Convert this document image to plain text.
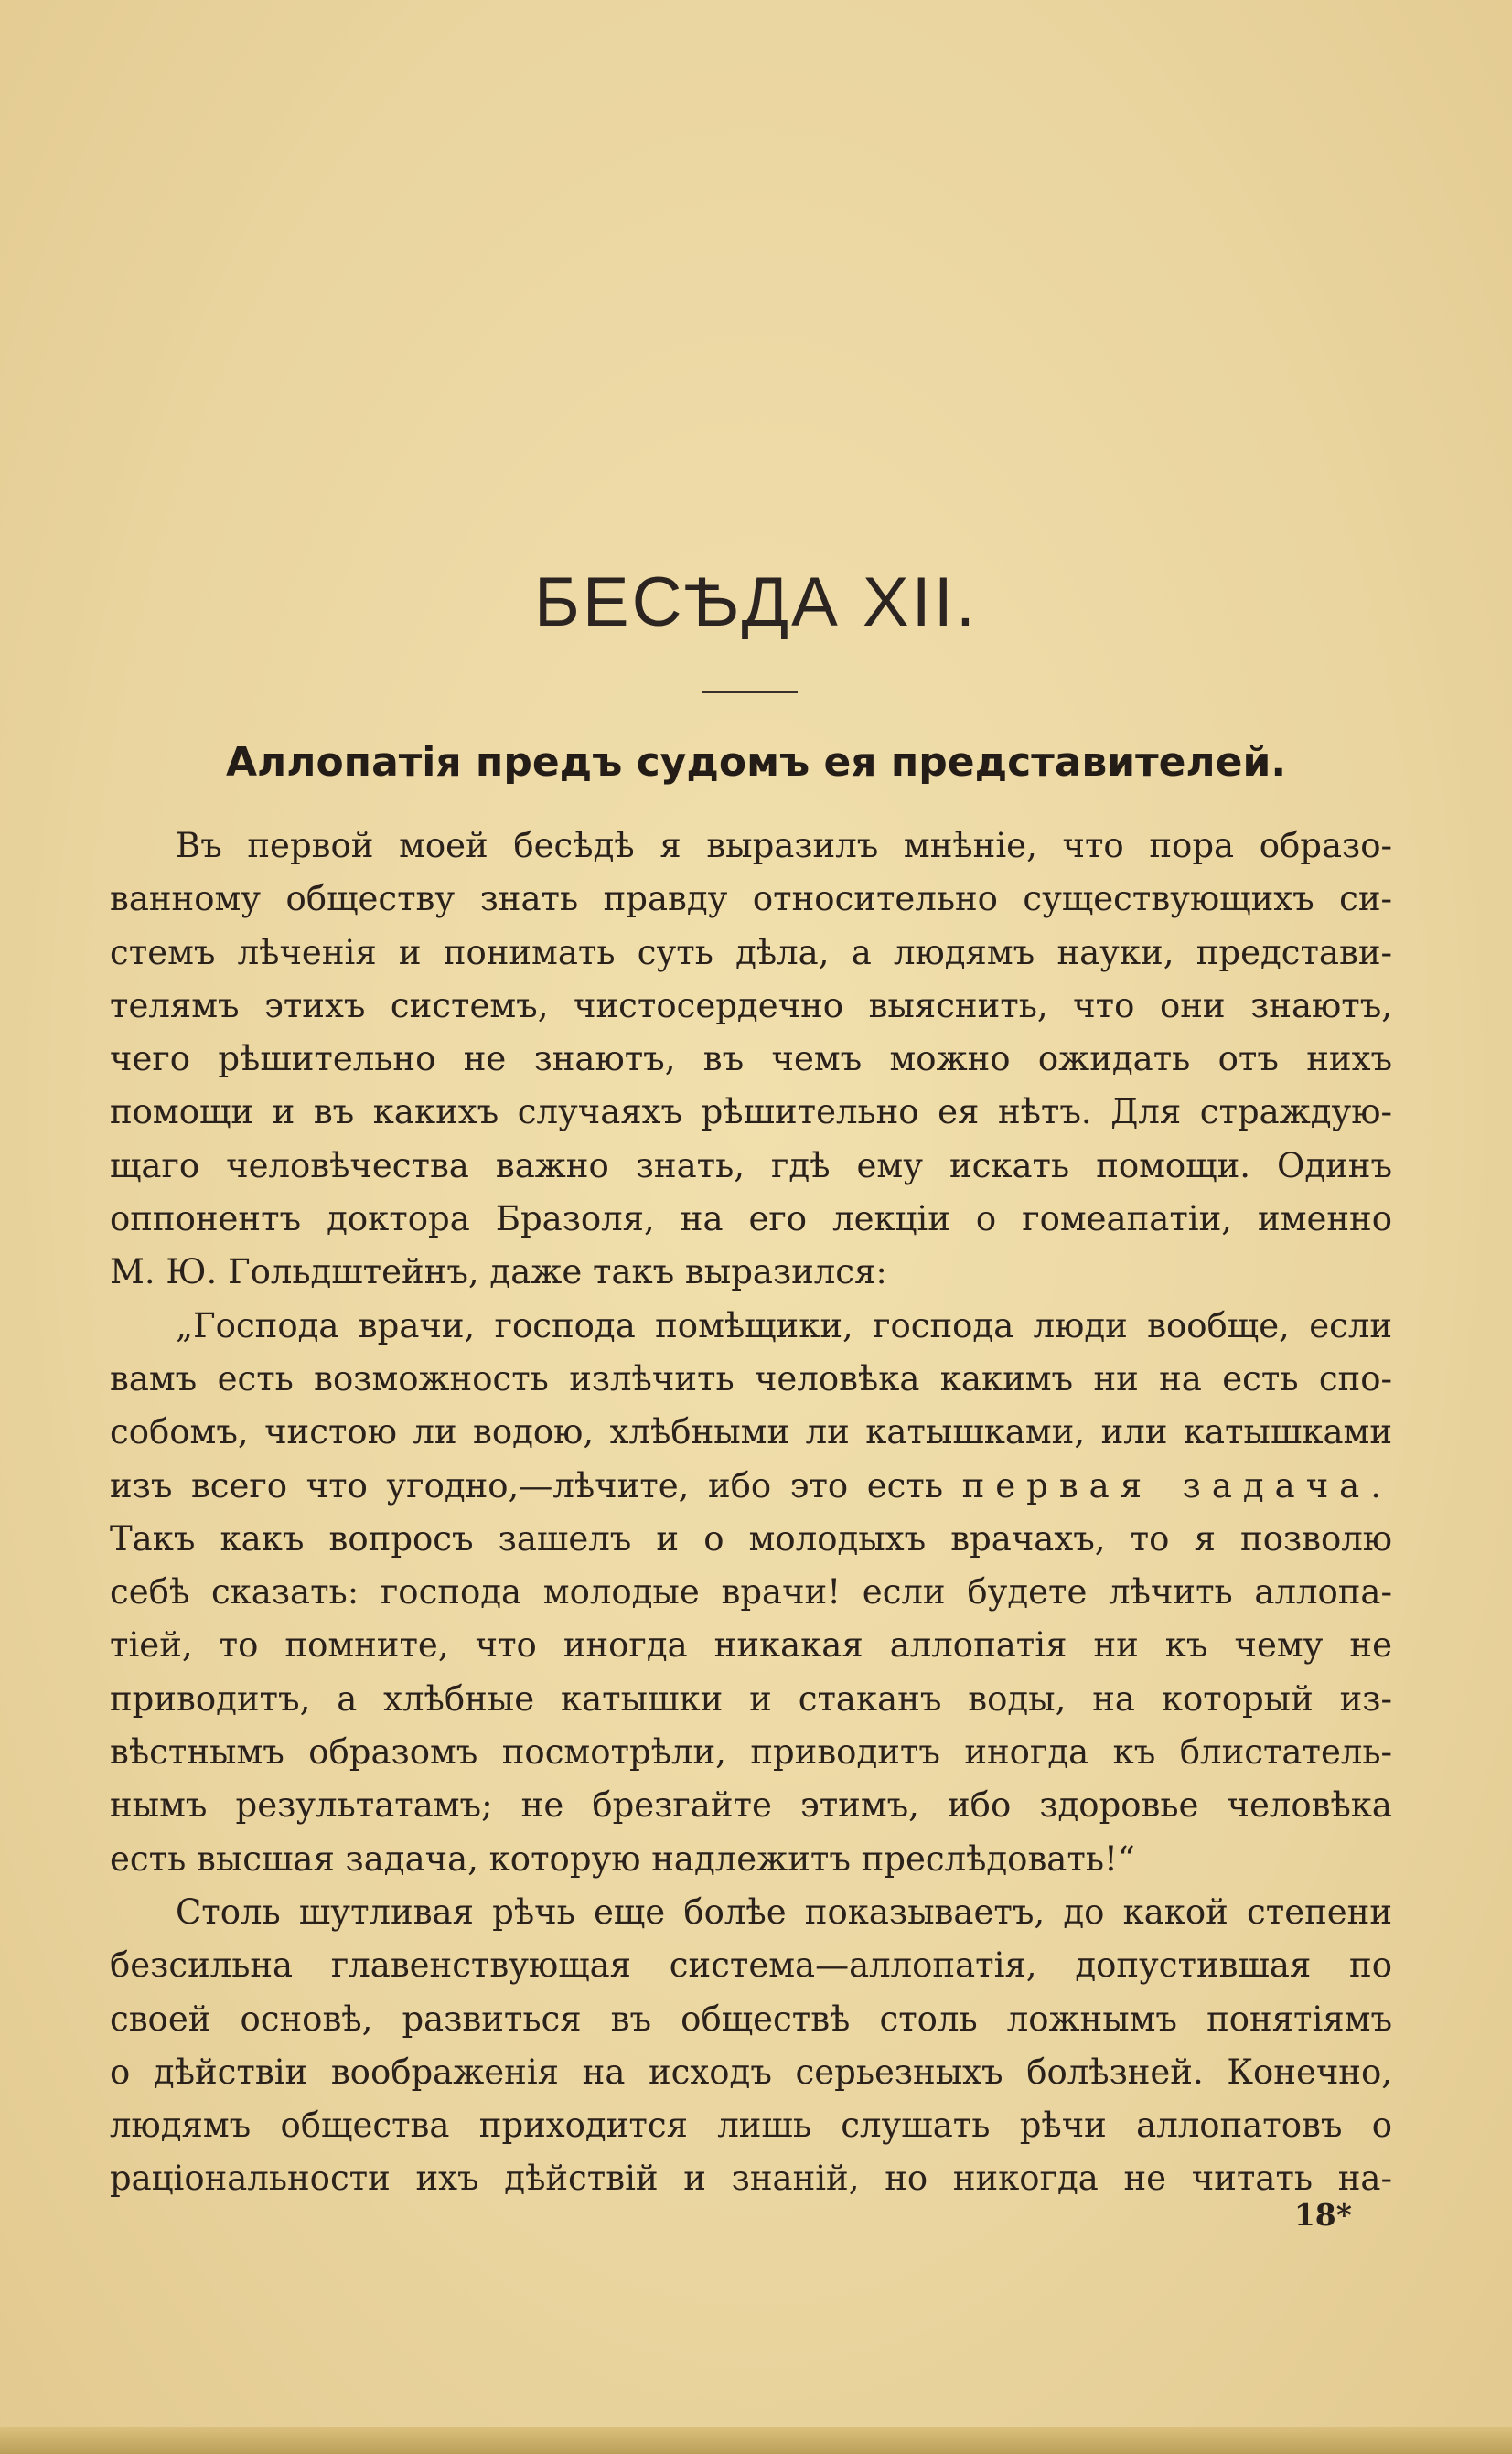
БЕСѢДА XII.
Аллопатія предъ судомъ ея представителей.
Въ первой моей бесѣдѣ я выразилъ мнѣніе, что пора образо-
ванному обществу знать правду относительно существующихъ си-
стемъ лѣченія и понимать суть дѣла, а людямъ науки, представи-
телямъ этихъ системъ, чистосердечно выяснить, что они знаютъ,
чего рѣшительно не знаютъ, въ чемъ можно ожидать отъ нихъ
помощи и въ какихъ случаяхъ рѣшительно ея нѣтъ. Для страждую-
щаго человѣчества важно знать, гдѣ ему искать помощи. Одинъ
оппонентъ доктора Бразоля, на его лекціи о гомеапатіи, именно
М. Ю. Гольдштейнъ, даже такъ выразился:
„Господа врачи, господа помѣщики, господа люди вообще, если
вамъ есть возможность излѣчить человѣка какимъ ни на есть спо-
собомъ, чистою ли водою, хлѣбными ли катышками, или катышками
изъ всего что угодно,—лѣчите, ибо это есть первая задача.
Такъ какъ вопросъ зашелъ и о молодыхъ врачахъ, то я позволю
себѣ сказать: господа молодые врачи! если будете лѣчить аллопа-
тіей, то помните, что иногда никакая аллопатія ни къ чему не
приводитъ, а хлѣбные катышки и стаканъ воды, на который из-
вѣстнымъ образомъ посмотрѣли, приводитъ иногда къ блистатель-
нымъ результатамъ; не брезгайте этимъ, ибо здоровье человѣка
есть высшая задача, которую надлежитъ преслѣдовать!“
Столь шутливая рѣчь еще болѣе показываетъ, до какой степени
безсильна главенствующая система—аллопатія, допустившая по
своей основѣ, развиться въ обществѣ столь ложнымъ понятіямъ
о дѣйствіи воображенія на исходъ серьезныхъ болѣзней. Конечно,
людямъ общества приходится лишь слушать рѣчи аллопатовъ о
раціональности ихъ дѣйствій и знаній, но никогда не читать на-
18*
